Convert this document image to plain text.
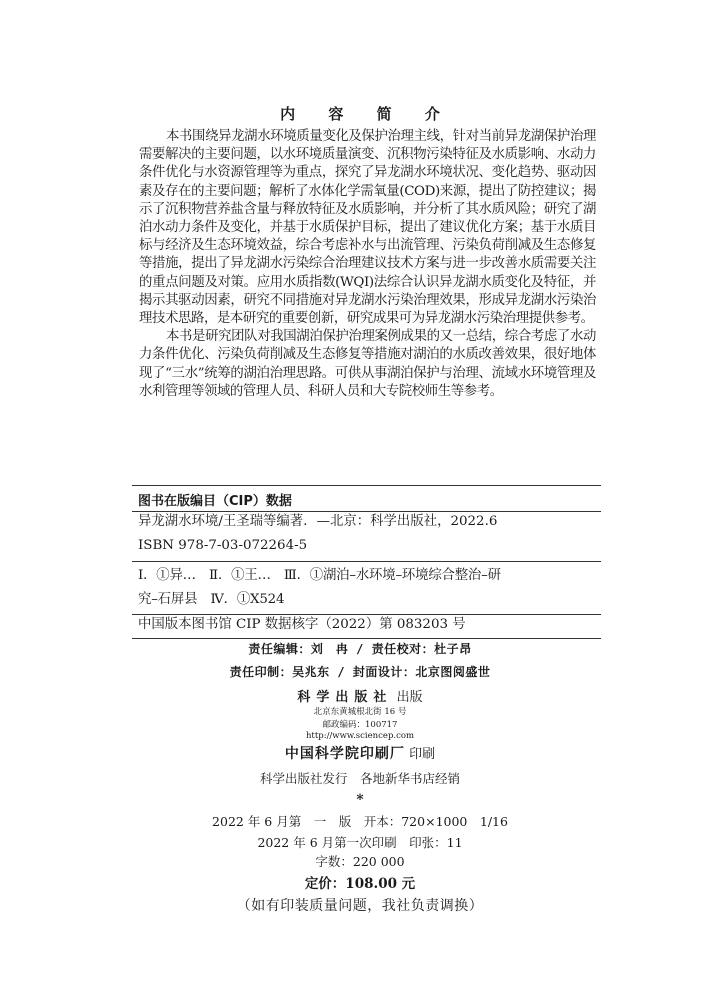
内 容 简 介

本书围绕异龙湖水环境质量变化及保护治理主线，针对当前异龙湖保护治理需要解决的主要问题，以水环境质量演变、沉积物污染特征及水质影响、水动力条件优化与水资源管理等为重点，探究了异龙湖水环境状况、变化趋势、驱动因素及存在的主要问题；解析了水体化学需氧量(COD)来源，提出了防控建议；揭示了沉积物营养盐含量与释放特征及水质影响，并分析了其水质风险；研究了湖泊水动力条件及变化，并基于水质保护目标，提出了建议优化方案；基于水质目标与经济及生态环境效益，综合考虑补水与出流管理、污染负荷削减及生态修复等措施，提出了异龙湖水污染综合治理建议技术方案与进一步改善水质需要关注的重点问题及对策。应用水质指数(WQI)法综合认识异龙湖水质变化及特征，并揭示其驱动因素，研究不同措施对异龙湖水污染治理效果，形成异龙湖水污染治理技术思路，是本研究的重要创新，研究成果可为异龙湖水污染治理提供参考。

本书是研究团队对我国湖泊保护治理案例成果的又一总结，综合考虑了水动力条件优化、污染负荷削减及生态修复等措施对湖泊的水质改善效果，很好地体现了“三水”统筹的湖泊治理思路。可供从事湖泊保护与治理、流域水环境管理及水利管理等领域的管理人员、科研人员和大专院校师生等参考。

图书在版编目（CIP）数据
异龙湖水环境/王圣瑞等编著．—北京：科学出版社，2022.6
ISBN 978-7-03-072264-5
Ⅰ．①异…　Ⅱ．①王…　Ⅲ．①湖泊–水环境–环境综合整治–研
究–石屏县　Ⅳ．①X524
中国版本图书馆 CIP 数据核字（2022）第 083203 号
责任编辑：刘　冉 / 责任校对：杜子昂
责任印制：吴兆东 / 封面设计：北京图阅盛世
科学出版社 出版
北京东黄城根北街 16 号
邮政编码：100717
http://www.sciencep.com
中国科学院印刷厂 印刷
科学出版社发行　各地新华书店经销
*
2022 年 6 月第　一　版　开本：720×1000　1/16
2022 年 6 月第一次印刷　印张：11
字数：220 000
定价：108.00 元
（如有印装质量问题，我社负责调换）
